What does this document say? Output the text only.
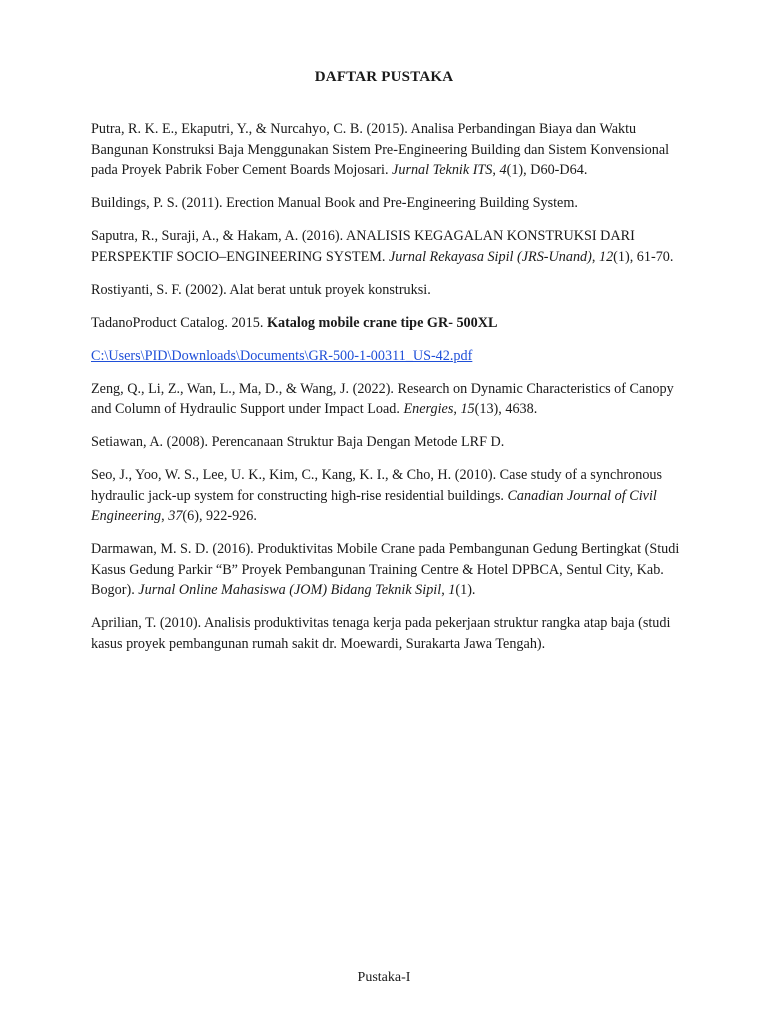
DAFTAR PUSTAKA

Putra, R. K. E., Ekaputri, Y., & Nurcahyo, C. B. (2015). Analisa Perbandingan Biaya dan Waktu Bangunan Konstruksi Baja Menggunakan Sistem Pre-Engineering Building dan Sistem Konvensional pada Proyek Pabrik Fober Cement Boards Mojosari. Jurnal Teknik ITS, 4(1), D60-D64.

Buildings, P. S. (2011). Erection Manual Book and Pre-Engineering Building System.

Saputra, R., Suraji, A., & Hakam, A. (2016). ANALISIS KEGAGALAN KONSTRUKSI DARI PERSPEKTIF SOCIO–ENGINEERING SYSTEM. Jurnal Rekayasa Sipil (JRS-Unand), 12(1), 61-70.

Rostiyanti, S. F. (2002). Alat berat untuk proyek konstruksi.

TadanoProduct Catalog. 2015. Katalog mobile crane tipe GR- 500XL

C:\Users\PID\Downloads\Documents\GR-500-1-00311_US-42.pdf

Zeng, Q., Li, Z., Wan, L., Ma, D., & Wang, J. (2022). Research on Dynamic Characteristics of Canopy and Column of Hydraulic Support under Impact Load. Energies, 15(13), 4638.

Setiawan, A. (2008). Perencanaan Struktur Baja Dengan Metode LRF D.

Seo, J., Yoo, W. S., Lee, U. K., Kim, C., Kang, K. I., & Cho, H. (2010). Case study of a synchronous hydraulic jack-up system for constructing high-rise residential buildings. Canadian Journal of Civil Engineering, 37(6), 922-926.

Darmawan, M. S. D. (2016). Produktivitas Mobile Crane pada Pembangunan Gedung Bertingkat (Studi Kasus Gedung Parkir “B” Proyek Pembangunan Training Centre & Hotel DPBCA, Sentul City, Kab. Bogor). Jurnal Online Mahasiswa (JOM) Bidang Teknik Sipil, 1(1).

Aprilian, T. (2010). Analisis produktivitas tenaga kerja pada pekerjaan struktur rangka atap baja (studi kasus proyek pembangunan rumah sakit dr. Moewardi, Surakarta Jawa Tengah).

Pustaka-I
